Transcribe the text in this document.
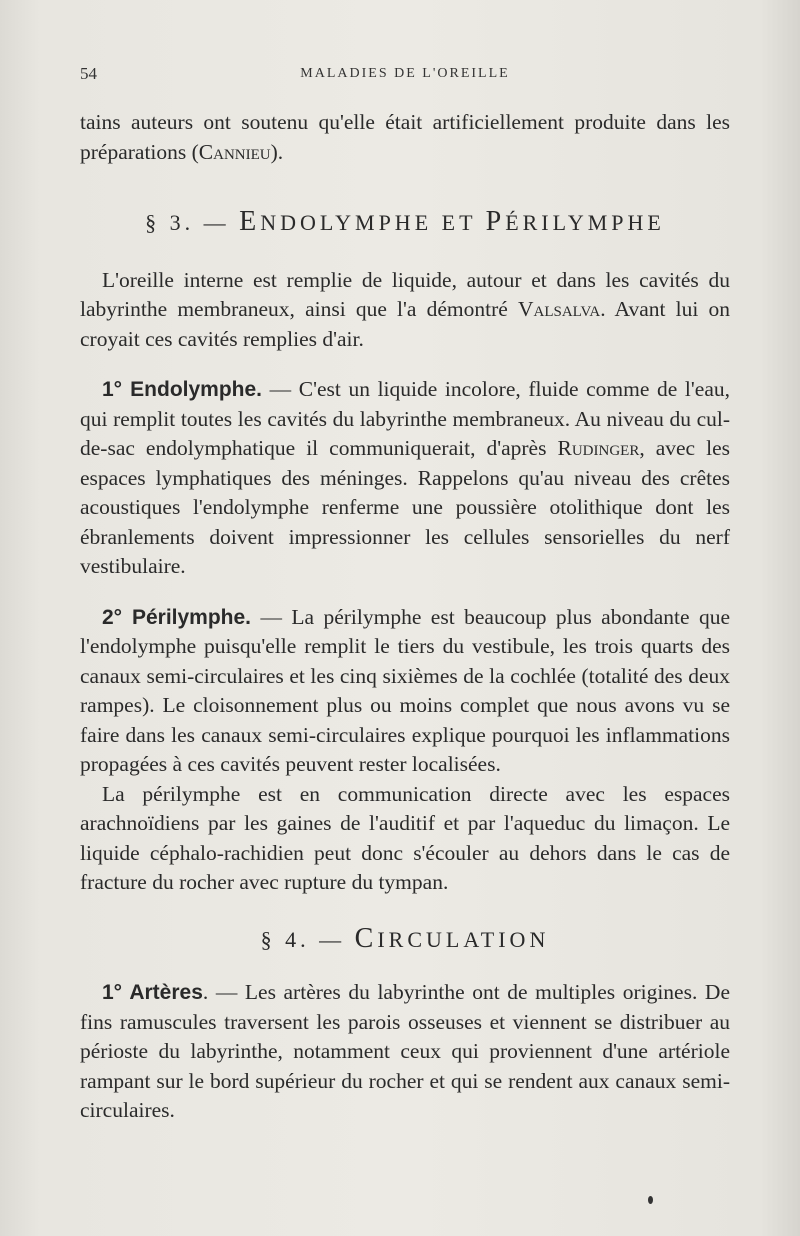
54	MALADIES DE L'OREILLE

tains auteurs ont soutenu qu'elle était artificiellement produite dans les préparations (Cannieu).

§ 3. — ENDOLYMPHE ET PÉRILYMPHE

L'oreille interne est remplie de liquide, autour et dans les cavités du labyrinthe membraneux, ainsi que l'a démontré Valsalva. Avant lui on croyait ces cavités remplies d'air.

1° Endolymphe. — C'est un liquide incolore, fluide comme de l'eau, qui remplit toutes les cavités du labyrinthe membraneux. Au niveau du cul-de-sac endolymphatique il communiquerait, d'après Rudinger, avec les espaces lymphatiques des méninges. Rappelons qu'au niveau des crêtes acoustiques l'endolymphe renferme une poussière otolithique dont les ébranlements doivent impressionner les cellules sensorielles du nerf vestibulaire.

2° Périlymphe. — La périlymphe est beaucoup plus abondante que l'endolymphe puisqu'elle remplit le tiers du vestibule, les trois quarts des canaux semi-circulaires et les cinq sixièmes de la cochlée (totalité des deux rampes). Le cloisonnement plus ou moins complet que nous avons vu se faire dans les canaux semi-circulaires explique pourquoi les inflammations propagées à ces cavités peuvent rester localisées.

La périlymphe est en communication directe avec les espaces arachnoïdiens par les gaines de l'auditif et par l'aqueduc du limaçon. Le liquide céphalo-rachidien peut donc s'écouler au dehors dans le cas de fracture du rocher avec rupture du tympan.

§ 4. — CIRCULATION

1° Artères. — Les artères du labyrinthe ont de multiples origines. De fins ramuscules traversent les parois osseuses et viennent se distribuer au périoste du labyrinthe, notamment ceux qui proviennent d'une artériole rampant sur le bord supérieur du rocher et qui se rendent aux canaux semi-circulaires.
